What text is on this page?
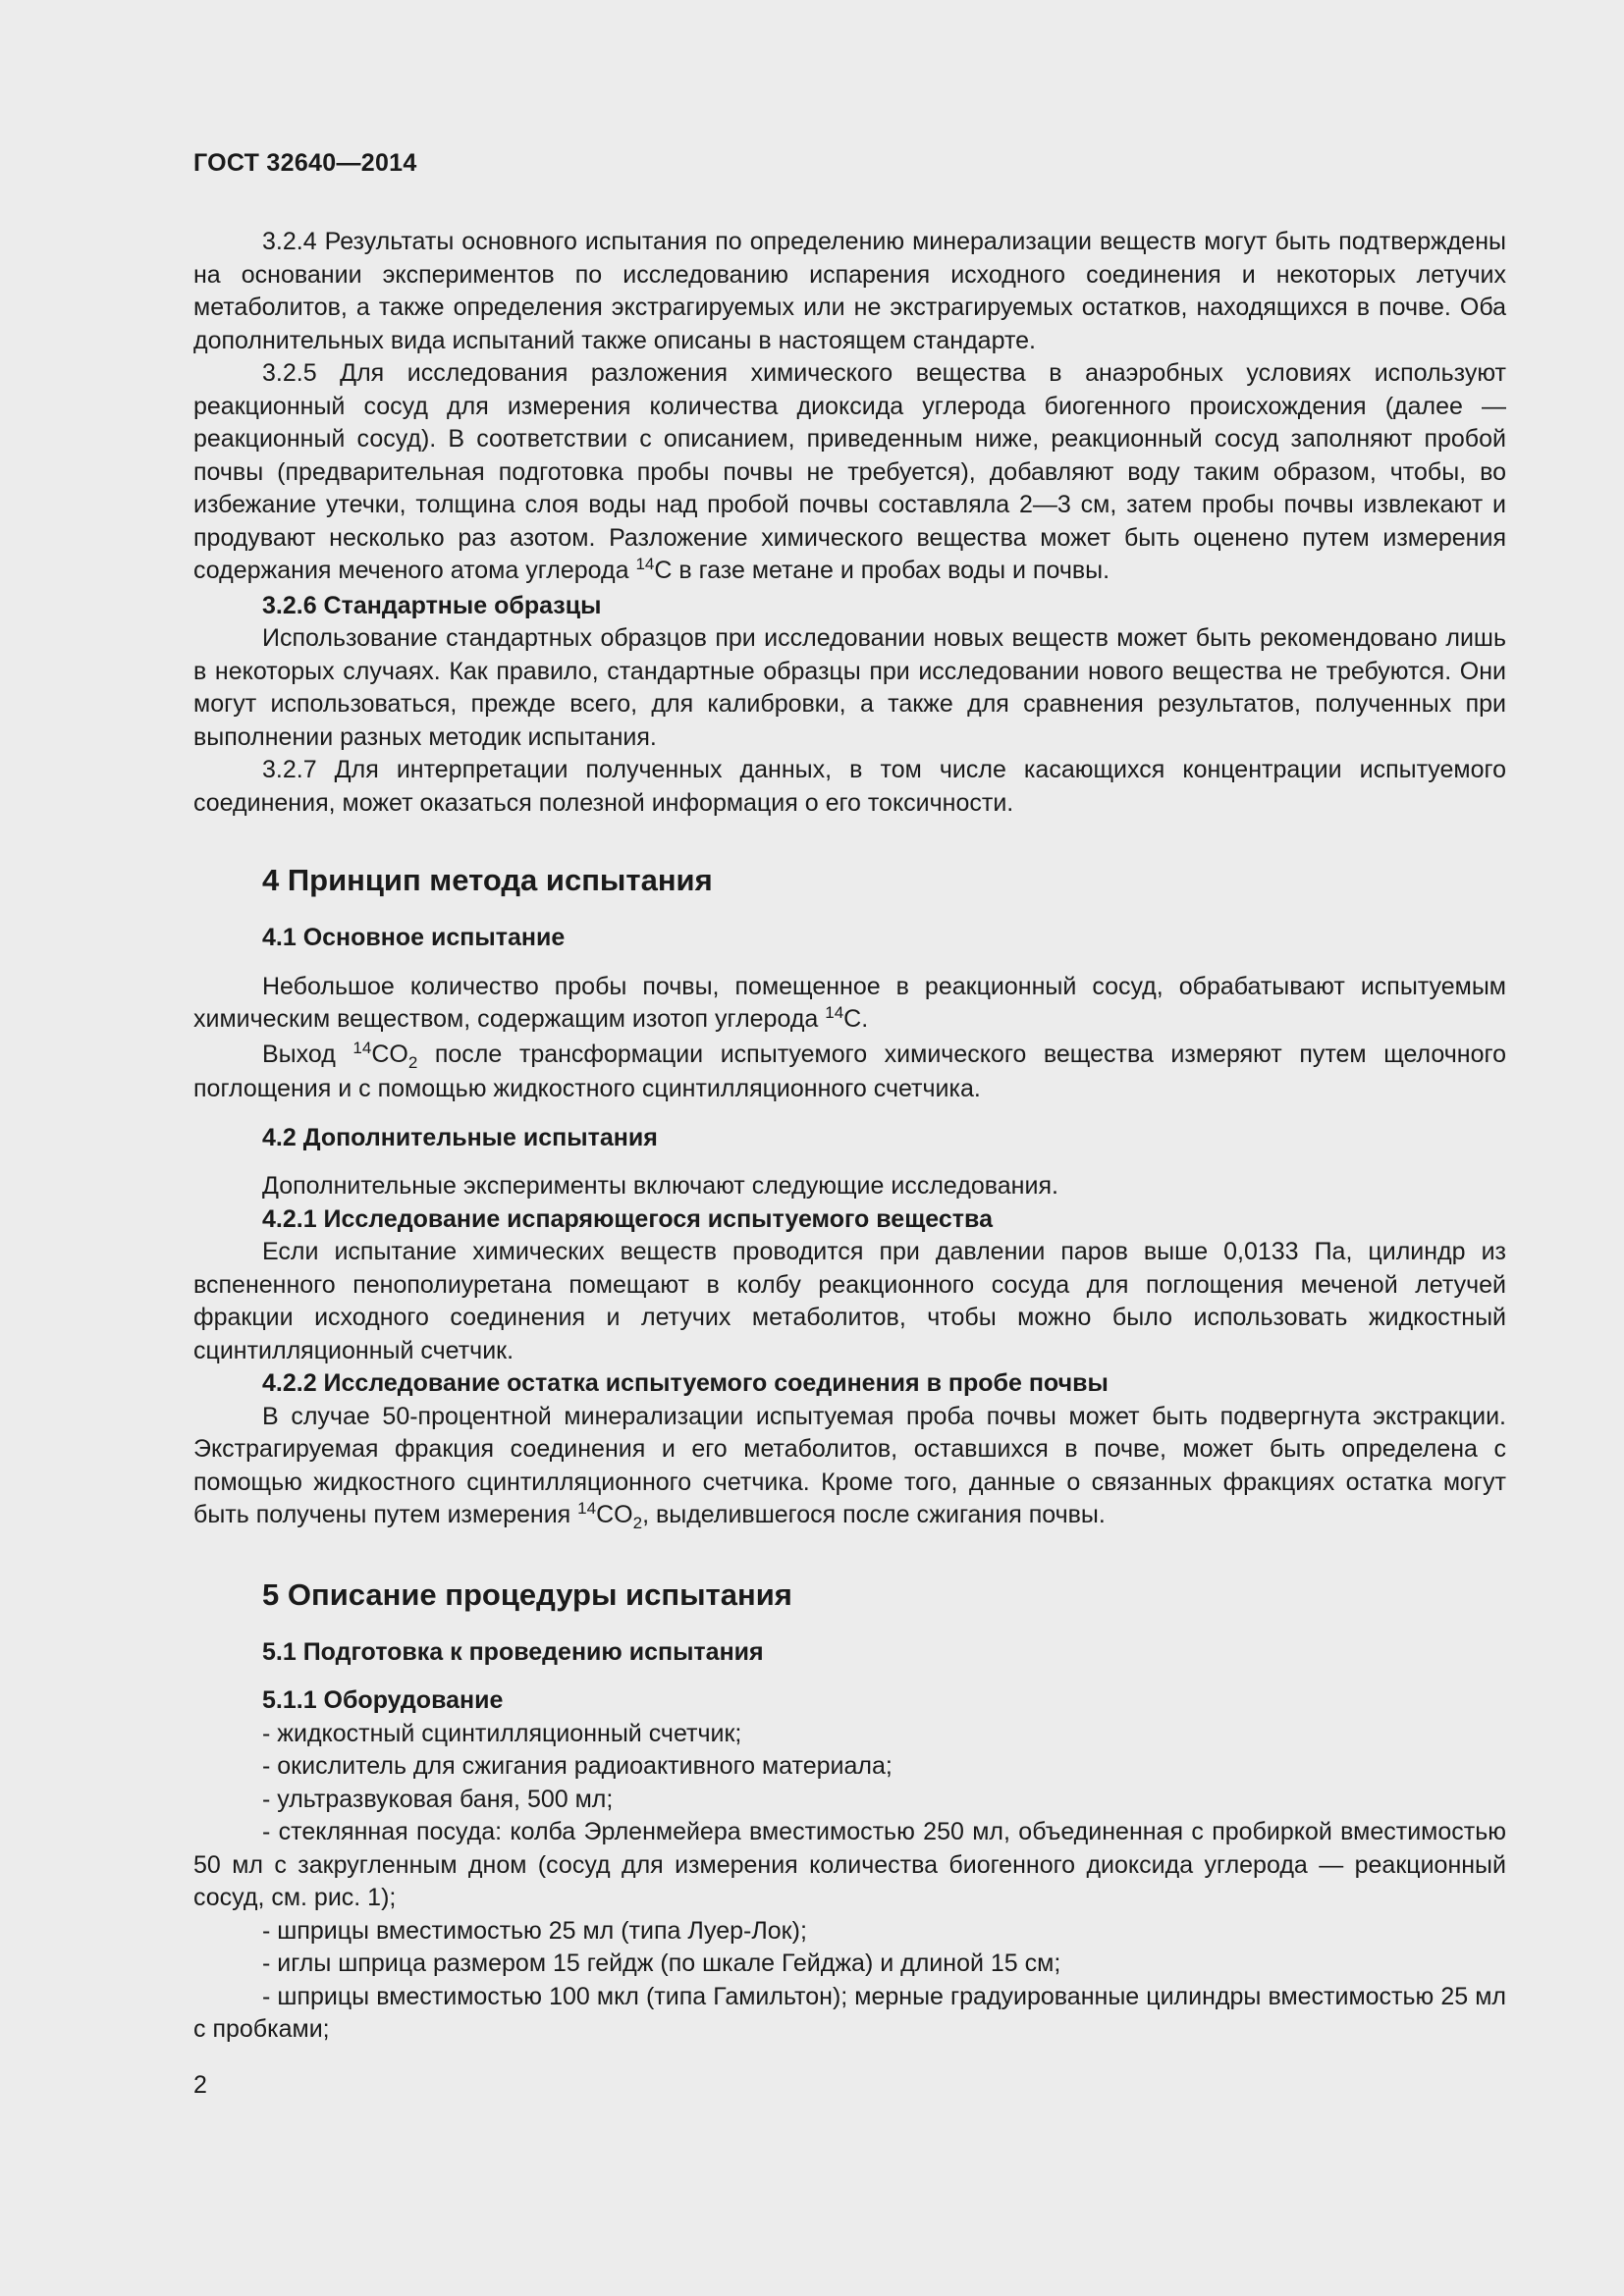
ГОСТ 32640—2014

3.2.4 Результаты основного испытания по определению минерализации веществ могут быть подтверждены на основании экспериментов по исследованию испарения исходного соединения и некоторых летучих метаболитов, а также определения экстрагируемых или не экстрагируемых остатков, находящихся в почве. Оба дополнительных вида испытаний также описаны в настоящем стандарте.

3.2.5 Для исследования разложения химического вещества в анаэробных условиях используют реакционный сосуд для измерения количества диоксида углерода биогенного происхождения (далее — реакционный сосуд). В соответствии с описанием, приведенным ниже, реакционный сосуд заполняют пробой почвы (предварительная подготовка пробы почвы не требуется), добавляют воду таким образом, чтобы, во избежание утечки, толщина слоя воды над пробой почвы составляла 2—3 см, затем пробы почвы извлекают и продувают несколько раз азотом. Разложение химического вещества может быть оценено путем измерения содержания меченого атома углерода $^{14}$С в газе метане и пробах воды и почвы.

3.2.6 Стандартные образцы

Использование стандартных образцов при исследовании новых веществ может быть рекомендовано лишь в некоторых случаях. Как правило, стандартные образцы при исследовании нового вещества не требуются. Они могут использоваться, прежде всего, для калибровки, а также для сравнения результатов, полученных при выполнении разных методик испытания.

3.2.7 Для интерпретации полученных данных, в том числе касающихся концентрации испытуемого соединения, может оказаться полезной информация о его токсичности.

4 Принцип метода испытания
4.1 Основное испытание

Небольшое количество пробы почвы, помещенное в реакционный сосуд, обрабатывают испытуемым химическим веществом, содержащим изотоп углерода $^{14}$С.

Выход $^{14}CO_2$ после трансформации испытуемого химического вещества измеряют путем щелочного поглощения и с помощью жидкостного сцинтилляционного счетчика.

4.2 Дополнительные испытания

Дополнительные эксперименты включают следующие исследования.

4.2.1 Исследование испаряющегося испытуемого вещества

Если испытание химических веществ проводится при давлении паров выше 0,0133 Па, цилиндр из вспененного пенополиуретана помещают в колбу реакционного сосуда для поглощения меченой летучей фракции исходного соединения и летучих метаболитов, чтобы можно было использовать жидкостный сцинтилляционный счетчик.

4.2.2 Исследование остатка испытуемого соединения в пробе почвы

В случае 50-процентной минерализации испытуемая проба почвы может быть подвергнута экстракции. Экстрагируемая фракция соединения и его метаболитов, оставшихся в почве, может быть определена с помощью жидкостного сцинтилляционного счетчика. Кроме того, данные о связанных фракциях остатка могут быть получены путем измерения $^{14}CO_2$, выделившегося после сжигания почвы.

5 Описание процедуры испытания
5.1 Подготовка к проведению испытания

5.1.1 Оборудование

- жидкостный сцинтилляционный счетчик;

- окислитель для сжигания радиоактивного материала;

- ультразвуковая баня, 500 мл;

- стеклянная посуда: колба Эрленмейера вместимостью 250 мл, объединенная с пробиркой вместимостью 50 мл с закругленным дном (сосуд для измерения количества биогенного диоксида углерода — реакционный сосуд, см. рис. 1);

- шприцы вместимостью 25 мл (типа Луер-Лок);

- иглы шприца размером 15 гейдж (по шкале Гейджа) и длиной 15 см;

- шприцы вместимостью 100 мкл (типа Гамильтон); мерные градуированные цилиндры вместимостью 25 мл с пробками;

2
